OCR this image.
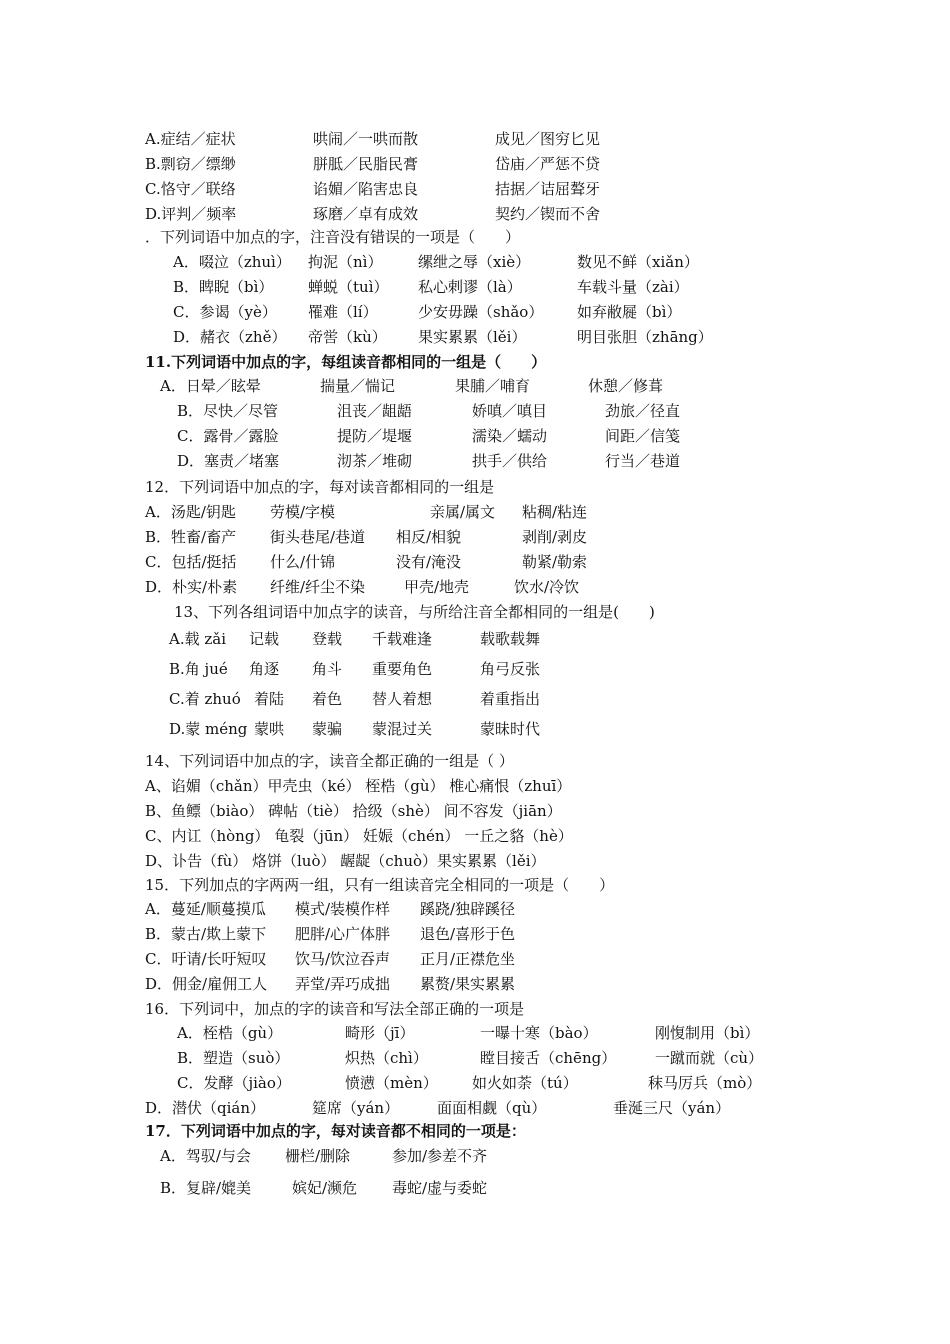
A.症结／症状	哄闹／一哄而散	成见／图穷匕见
B.剽窃／缥缈	胼胝／民脂民膏	岱庙／严惩不贷
C.恪守／联络	谄媚／陷害忠良	拮据／诘屈聱牙
D.评判／频率	琢磨／卓有成效	契约／锲而不舍
．下列词语中加点的字，注音没有错误的一项是（　　）
A．啜泣（zhuì） 拘泥（nì） 缧绁之辱（xiè）	数见不鲜（xiǎn）
B．睥睨（bì） 蝉蜕（tuì） 私心剌谬（là）	车载斗量（zài）
C．参谒（yè） 罹难（lí）	少安毋躁（shǎo） 如弃敝屣（bì）
D．赭衣（zhě） 帝喾（kù） 果实累累（lěi）	明目张胆（zhāng）
11.下列词语中加点的字，每组读音都相同的一组是（　　）
A．日晕／眩晕	揣量／惴记	果脯／哺育	休憩／修葺
B．尽快／尽管	沮丧／龃龉	娇嗔／嗔目	劲旅／径直
C．露骨／露脸	提防／堤堰	濡染／蠕动	间距／信笺
D．塞责／堵塞	沏茶／堆砌	拱手／供给	行当／巷道
12．下列词语中加点的字，每对读音都相同的一组是
A．汤匙/钥匙 劳模/字模	亲属/属文 粘稠/粘连
B．牲畜/畜产 街头巷尾/巷道 相反/相貌	剥削/剥皮
C．包括/挺括 什么/什锦	没有/淹没	勒紧/勒索
D．朴实/朴素 纤维/纤尘不染	甲壳/地壳	饮水/冷饮
13、下列各组词语中加点字的读音，与所给注音全都相同的一组是(　　)
A.载 zǎi 记载 登载 千载难逢	载歌载舞
B.角 jué 角逐 角斗 重要角色	角弓反张
C.着 zhuó 着陆 着色 替人着想	着重指出
D.蒙 méng 蒙哄 蒙骗 蒙混过关	蒙昧时代
14、下列词语中加点的字，读音全都正确的一组是（ ）
A、谄媚（chǎn）甲壳虫（ké） 桎梏（gù） 椎心痛恨（zhuī）
B、鱼鳔（biào） 碑帖（tiè） 拾级（shè） 间不容发（jiān）
C、内讧（hòng） 龟裂（jūn） 妊娠（chén） 一丘之貉（hè）
D、讣告（fù） 烙饼（luò） 龌龊（chuò）果实累累（lěi）
15．下列加点的字两两一组，只有一组读音完全相同的一项是（　　）
A．蔓延/顺蔓摸瓜 模式/装模作样 蹊跷/独辟蹊径
B．蒙古/欺上蒙下 肥胖/心广体胖 退色/喜形于色
C．吁请/长吁短叹 饮马/饮泣吞声 正月/正襟危坐
D．佣金/雇佣工人 弄堂/弄巧成拙 累赘/果实累累
16．下列词中，加点的字的读音和写法全部正确的一项是
A．桎梏（gù）	畸形（jī）	一曝十寒（bào）	刚愎制用（bì）
B．塑造（suò）	炽热（chì）	瞠目接舌（chēng）	一蹴而就（cù）
C．发酵（jiào）	愤懑（mèn） 如火如荼（tú）	秣马厉兵（mò）
D．潜伏（qián）	筵席（yán）	面面相觑（qù）	垂涎三尺（yán）
17．下列词语中加点的字，每对读音都不相同的一项是：
A．驾驭/与会 栅栏/删除	参加/参差不齐
B．复辟/媲美	嫔妃/濒危 毒蛇/虚与委蛇
